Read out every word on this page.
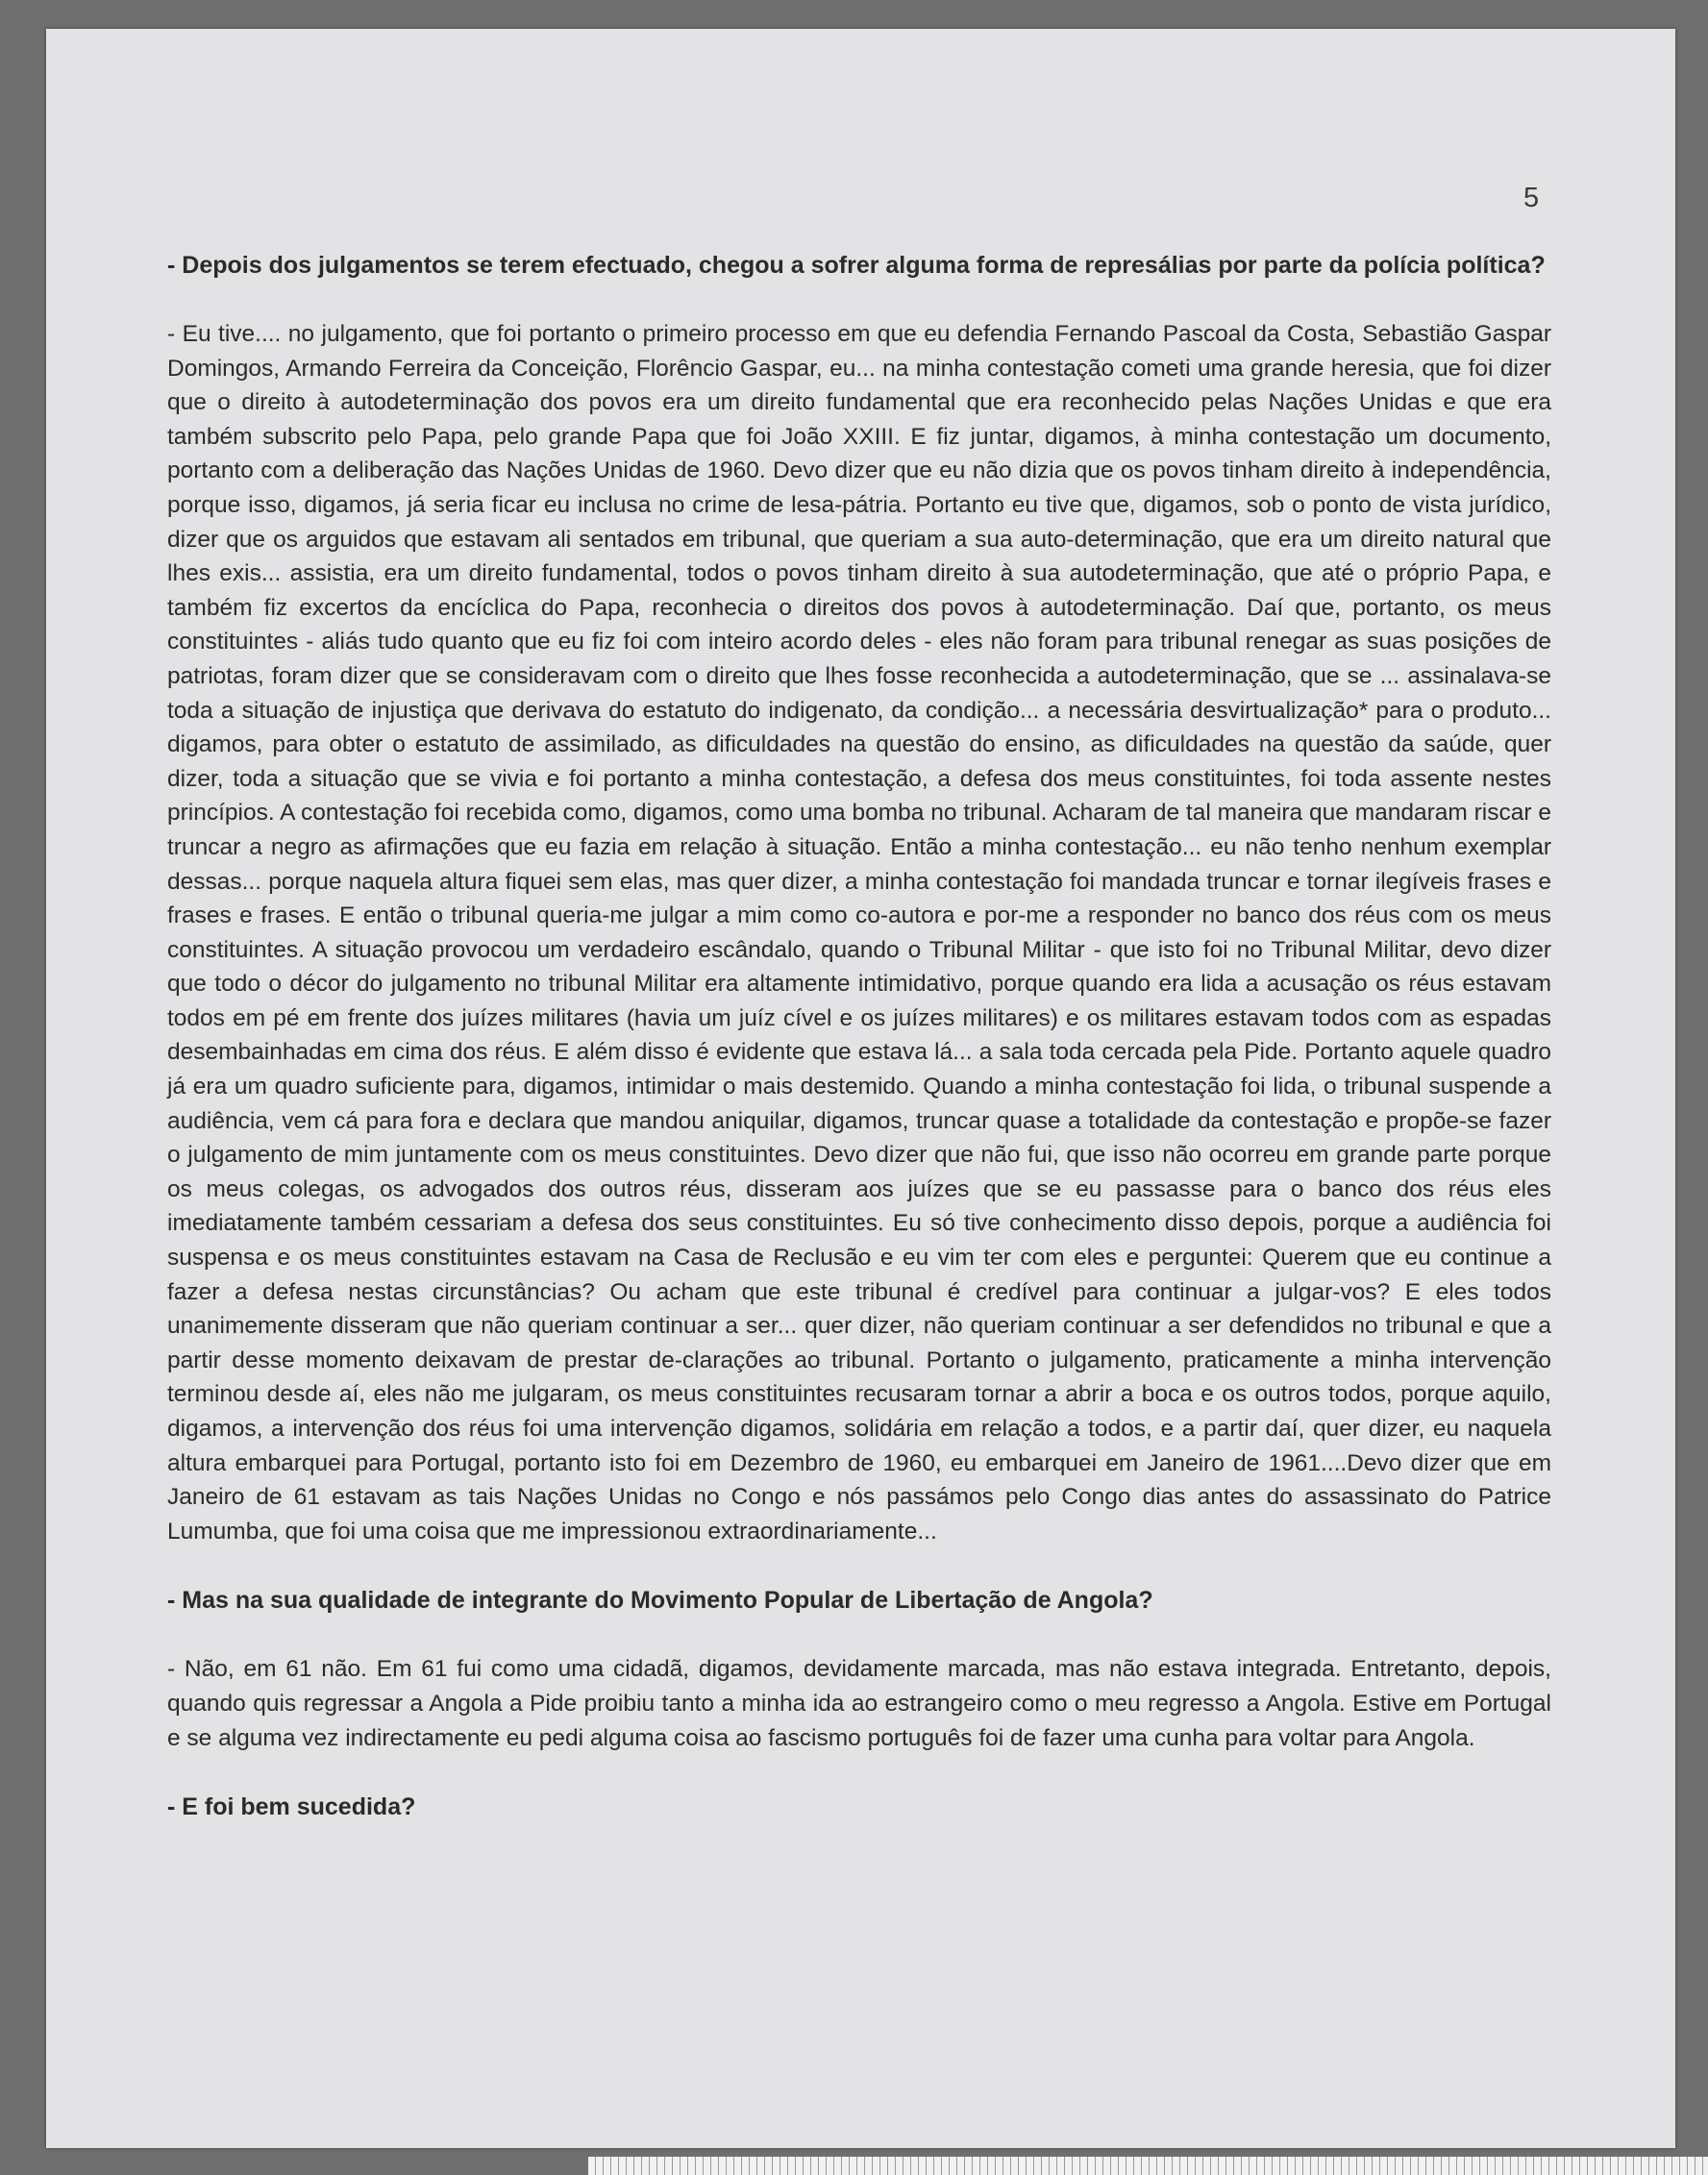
5

- Depois dos julgamentos se terem efectuado, chegou a sofrer alguma forma de represálias por parte da polícia política?

- Eu tive.... no julgamento, que foi portanto o primeiro processo em que eu defendia Fernando Pascoal da Costa, Sebastião Gaspar Domingos, Armando Ferreira da Conceição, Florêncio Gaspar, eu... na minha contestação cometi uma grande heresia, que foi dizer que o direito à autodeterminação dos povos era um direito fundamental que era reconhecido pelas Nações Unidas e que era também subscrito pelo Papa, pelo grande Papa que foi João XXIII. E fiz juntar, digamos, à minha contestação um documento, portanto com a deliberação das Nações Unidas de 1960. Devo dizer que eu não dizia que os povos tinham direito à independência, porque isso, digamos, já seria ficar eu inclusa no crime de lesa-pátria. Portanto eu tive que, digamos, sob o ponto de vista jurídico, dizer que os arguidos que estavam ali sentados em tribunal, que queriam a sua auto-determinação, que era um direito natural que lhes exis... assistia, era um direito fundamental, todos o povos tinham direito à sua autodeterminação, que até o próprio Papa, e também fiz excertos da encíclica do Papa, reconhecia o direitos dos povos à autodeterminação. Daí que, portanto, os meus constituintes - aliás tudo quanto que eu fiz foi com inteiro acordo deles - eles não foram para tribunal renegar as suas posições de patriotas, foram dizer que se consideravam com o direito que lhes fosse reconhecida a autodeterminação, que se ... assinalava-se toda a situação de injustiça que derivava do estatuto do indigenato, da condição... a necessária desvirtualização* para o produto... digamos, para obter o estatuto de assimilado, as dificuldades na questão do ensino, as dificuldades na questão da saúde, quer dizer, toda a situação que se vivia e foi portanto a minha contestação, a defesa dos meus constituintes, foi toda assente nestes princípios. A contestação foi recebida como, digamos, como uma bomba no tribunal. Acharam de tal maneira que mandaram riscar e truncar a negro as afirmações que eu fazia em relação à situação. Então a minha contestação... eu não tenho nenhum exemplar dessas... porque naquela altura fiquei sem elas, mas quer dizer, a minha contestação foi mandada truncar e tornar ilegíveis frases e frases e frases. E então o tribunal queria-me julgar a mim como co-autora e por-me a responder no banco dos réus com os meus constituintes. A situação provocou um verdadeiro escândalo, quando o Tribunal Militar - que isto foi no Tribunal Militar, devo dizer que todo o décor do julgamento no tribunal Militar era altamente intimidativo, porque quando era lida a acusação os réus estavam todos em pé em frente dos juízes militares (havia um juíz cível e os juízes militares) e os militares estavam todos com as espadas desembainhadas em cima dos réus. E além disso é evidente que estava lá... a sala toda cercada pela Pide. Portanto aquele quadro já era um quadro suficiente para, digamos, intimidar o mais destemido. Quando a minha contestação foi lida, o tribunal suspende a audiência, vem cá para fora e declara que mandou aniquilar, digamos, truncar quase a totalidade da contestação e propõe-se fazer o julgamento de mim juntamente com os meus constituintes. Devo dizer que não fui, que isso não ocorreu em grande parte porque os meus colegas, os advogados dos outros réus, disseram aos juízes que se eu passasse para o banco dos réus eles imediatamente também cessariam a defesa dos seus constituintes. Eu só tive conhecimento disso depois, porque a audiência foi suspensa e os meus constituintes estavam na Casa de Reclusão e eu vim ter com eles e perguntei: Querem que eu continue a fazer a defesa nestas circunstâncias? Ou acham que este tribunal é credível para continuar a julgar-vos? E eles todos unanimemente disseram que não queriam continuar a ser... quer dizer, não queriam continuar a ser defendidos no tribunal e que a partir desse momento deixavam de prestar de-clarações ao tribunal. Portanto o julgamento, praticamente a minha intervenção terminou desde aí, eles não me julgaram, os meus constituintes recusaram tornar a abrir a boca e os outros todos, porque aquilo, digamos, a intervenção dos réus foi uma intervenção digamos, solidária em relação a todos, e a partir daí, quer dizer, eu naquela altura embarquei para Portugal, portanto isto foi em Dezembro de 1960, eu embarquei em Janeiro de 1961....Devo dizer que em Janeiro de 61 estavam as tais Nações Unidas no Congo e nós passámos pelo Congo dias antes do assassinato do Patrice Lumumba, que foi uma coisa que me impressionou extraordinariamente...

- Mas na sua qualidade de integrante do Movimento Popular de Libertação de Angola?

- Não, em 61 não. Em 61 fui como uma cidadã, digamos, devidamente marcada, mas não estava integrada. Entretanto, depois, quando quis regressar a Angola a Pide proibiu tanto a minha ida ao estrangeiro como o meu regresso a Angola. Estive em Portugal e se alguma vez indirectamente eu pedi alguma coisa ao fascismo português foi de fazer uma cunha para voltar para Angola.

- E foi bem sucedida?
